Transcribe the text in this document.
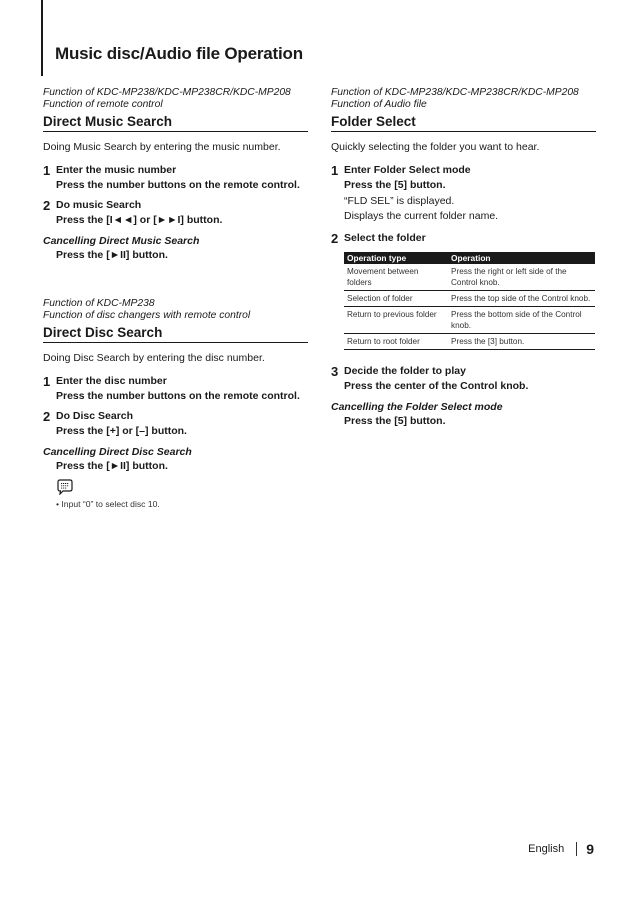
Music disc/Audio file Operation

Function of KDC-MP238/KDC-MP238CR/KDC-MP208

Function of remote control

Direct Music Search

Doing Music Search by entering the music number.

1 Enter the music number
Press the number buttons on the remote control.
2 Do music Search
Press the [I◄◄] or [►►I] button.
Cancelling Direct Music Search
Press the [►II] button.

Function of KDC-MP238

Function of disc changers with remote control

Direct Disc Search

Doing Disc Search by entering the disc number.

1 Enter the disc number
Press the number buttons on the remote control.
2 Do Disc Search
Press the [+] or [–] button.
Cancelling Direct Disc Search
Press the [►II] button.
• Input “0” to select disc 10.

Function of KDC-MP238/KDC-MP238CR/KDC-MP208

Function of Audio file

Folder Select

Quickly selecting the folder you want to hear.

1 Enter Folder Select mode
Press the [5] button.
“FLD SEL” is displayed.
Displays the current folder name.
2 Select the folder
Operation type	Operation
Movement between folders	Press the right or left side of the Control knob.
Selection of folder	Press the top side of the Control knob.
Return to previous folder	Press the bottom side of the Control knob.
Return to root folder	Press the [3] button.
3 Decide the folder to play
Press the center of the Control knob.
Cancelling the Folder Select mode
Press the [5] button.
English 9
